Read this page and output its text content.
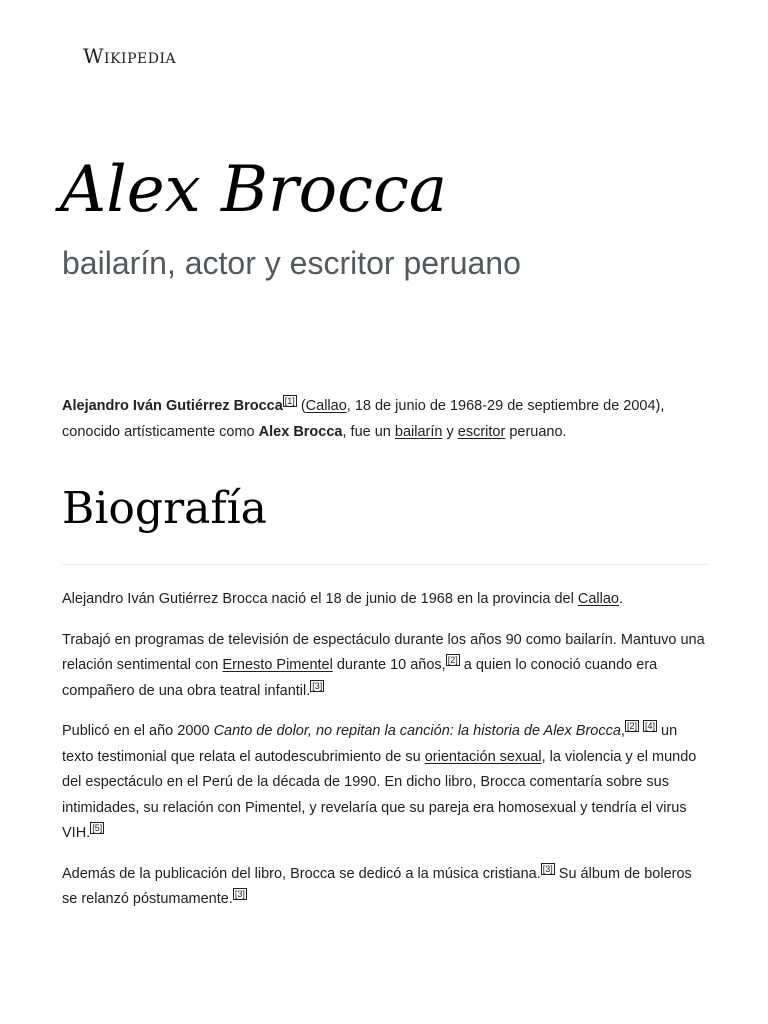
Wikipedia
Alex Brocca
bailarín, actor y escritor peruano

Alejandro Iván Gutiérrez Brocca [1] (Callao, 18 de junio de 1968-29 de septiembre de 2004), conocido artísticamente como Alex Brocca, fue un bailarín y escritor peruano.

Biografía

Alejandro Iván Gutiérrez Brocca nació el 18 de junio de 1968 en la provincia del Callao.

Trabajó en programas de televisión de espectáculo durante los años 90 como bailarín. Mantuvo una relación sentimental con Ernesto Pimentel durante 10 años, [2] a quien lo conoció cuando era compañero de una obra teatral infantil. [3]

Publicó en el año 2000 Canto de dolor, no repitan la canción: la historia de Alex Brocca, [2] [4] un texto testimonial que relata el autodescubrimiento de su orientación sexual, la violencia y el mundo del espectáculo en el Perú de la década de 1990. En dicho libro, Brocca comentaría sobre sus intimidades, su relación con Pimentel, y revelaría que su pareja era homosexual y tendría el virus VIH. [5]

Además de la publicación del libro, Brocca se dedicó a la música cristiana. [3] Su álbum de boleros se relanzó póstumamente. [3]
